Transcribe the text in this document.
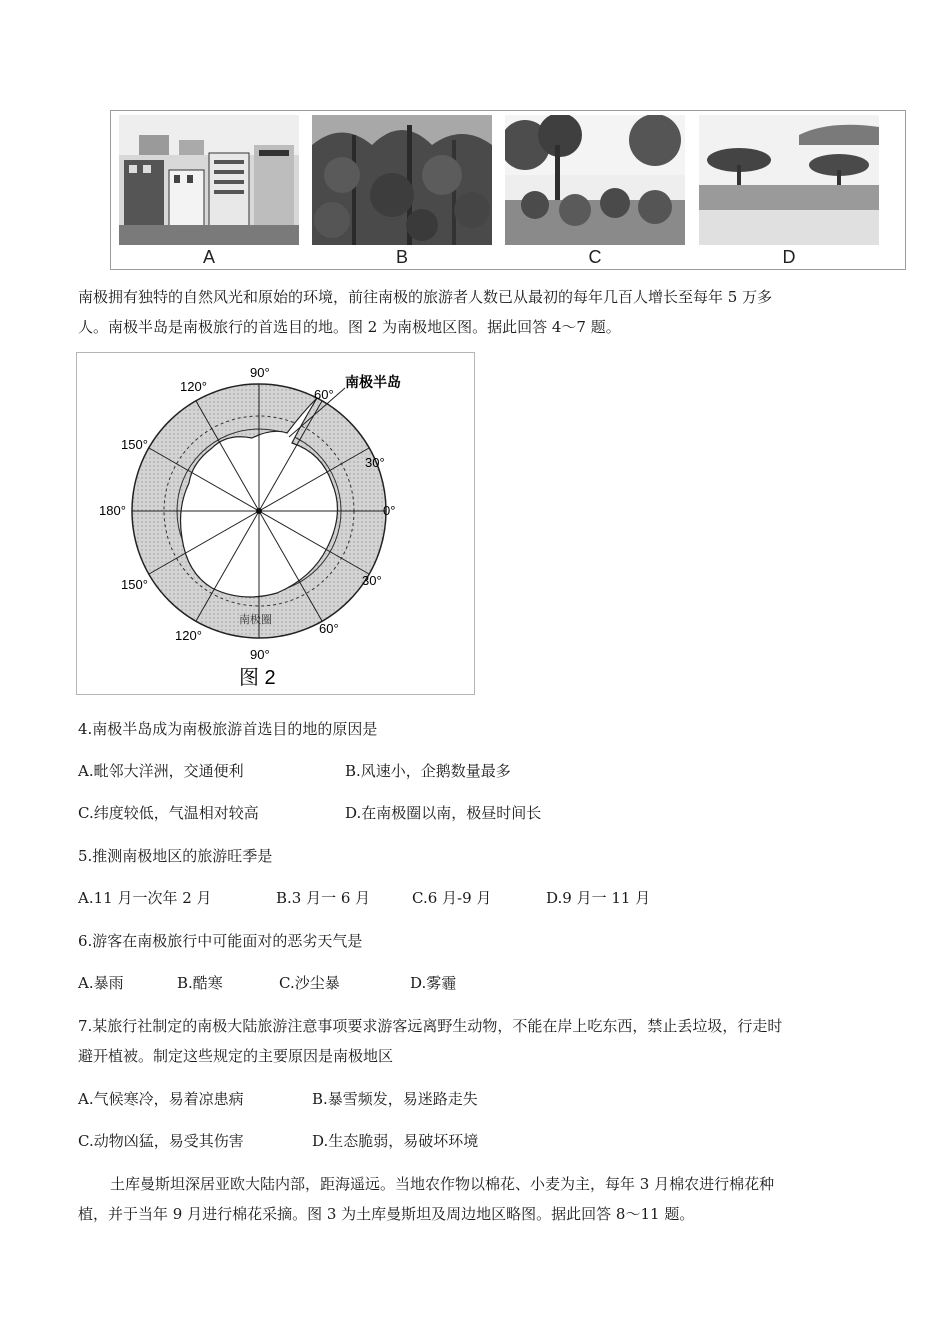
A	B	C	D
南极拥有独特的自然风光和原始的环境，前往南极的旅游者人数已从最初的每年几百人增长至每年 5 万多
人。南极半岛是南极旅行的首选目的地。图 2 为南极地区图。据此回答 4～7 题。
90°
90°
120°
150°
180°
150°
120°
60°
30°
0°
30°
60°
南极半岛
南极圈
图 2
4.南极半岛成为南极旅游首选目的地的原因是
A.毗邻大洋洲，交通便利	B.风速小，企鹅数量最多
C.纬度较低，气温相对较高	D.在南极圈以南，极昼时间长
5.推测南极地区的旅游旺季是
A.11 月一次年 2 月	B.3 月一 6 月	C.6 月-9 月	D.9 月一 11 月
6.游客在南极旅行中可能面对的恶劣天气是
A.暴雨	B.酷寒	C.沙尘暴	D.雾霾
7.某旅行社制定的南极大陆旅游注意事项要求游客远离野生动物，不能在岸上吃东西，禁止丢垃圾，行走时
避开植被。制定这些规定的主要原因是南极地区
A.气候寒冷，易着凉患病	B.暴雪频发，易迷路走失
C.动物凶猛，易受其伤害	D.生态脆弱，易破坏环境
土库曼斯坦深居亚欧大陆内部，距海遥远。当地农作物以棉花、小麦为主，每年 3 月棉农进行棉花种
植，并于当年 9 月进行棉花采摘。图 3 为土库曼斯坦及周边地区略图。据此回答 8～11 题。
